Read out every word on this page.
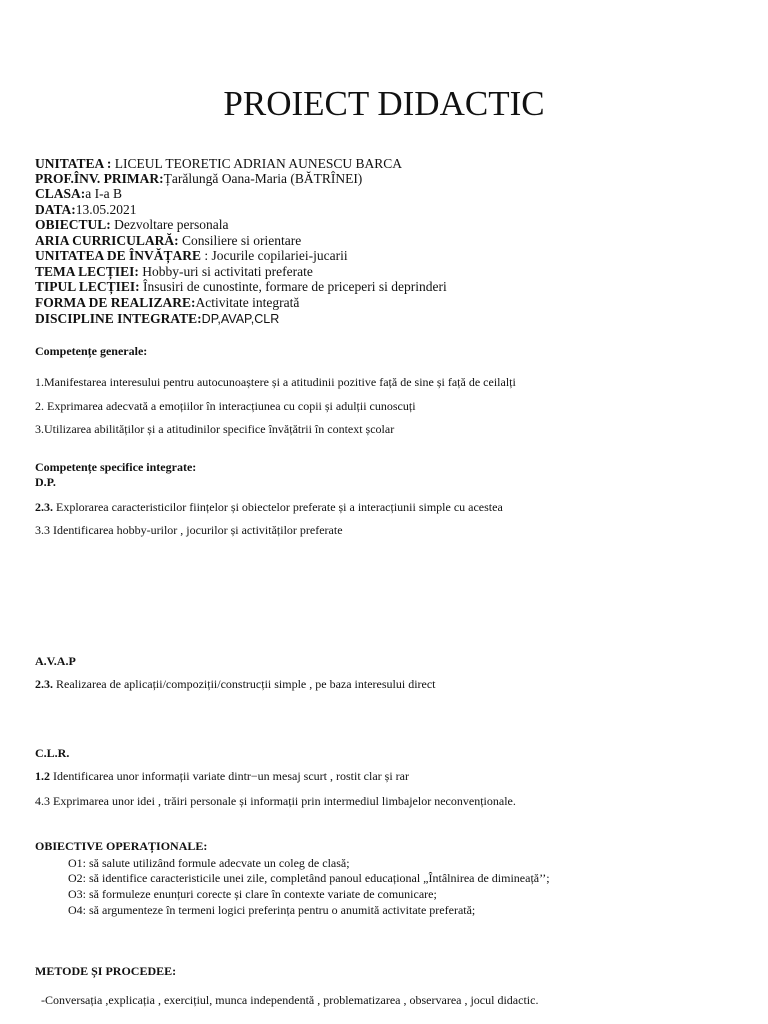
PROIECT DIDACTIC
UNITATEA : LICEUL TEORETIC ADRIAN AUNESCU BARCA
PROF.ÎNV. PRIMAR:Țarălungă Oana-Maria (BĂTRÎNEI)
CLASA:a I-a B
DATA:13.05.2021
OBIECTUL: Dezvoltare personala
ARIA CURRICULARĂ: Consiliere si orientare
UNITATEA DE ÎNVĂȚARE : Jocurile copilariei-jucarii
TEMA LECȚIEI: Hobby-uri si activitati preferate
TIPUL LECȚIEI: Însusiri de cunostinte, formare de priceperi si deprinderi
FORMA DE REALIZARE:Activitate integrată
DISCIPLINE INTEGRATE:DP,AVAP,CLR
Competențe generale:
1.Manifestarea interesului pentru autocunoaștere și a atitudinii pozitive față de sine și față de ceilalți
2. Exprimarea adecvată a emoțiilor în interacțiunea cu copii și adulții cunoscuți
3.Utilizarea abilităților și a atitudinilor specifice învățătrii în context școlar
Competențe specifice integrate:
D.P.
2.3. Explorarea caracteristicilor ființelor și obiectelor preferate și a interacțiunii simple cu acestea
3.3 Identificarea hobby-urilor , jocurilor și activităților preferate
A.V.A.P
2.3. Realizarea de aplicații/compoziții/construcții simple , pe baza interesului direct
C.L.R.
1.2 Identificarea unor informații variate dintr−un mesaj scurt , rostit clar și rar
4.3 Exprimarea unor idei , trăiri personale și informații prin intermediul limbajelor neconvenționale.
OBIECTIVE OPERAȚIONALE:
O1: să salute utilizând formule adecvate un coleg de clasă;
O2: să identifice caracteristicile unei zile, completând panoul educațional „Întâlnirea de dimineață’’;
O3: să formuleze enunțuri corecte și clare în contexte variate de comunicare;
O4: să argumenteze în termeni logici preferința pentru o anumită activitate preferată;
METODE ȘI PROCEDEE:
-Conversația ,explicația , exercițiul, munca independentă , problematizarea , observarea , jocul didactic.
